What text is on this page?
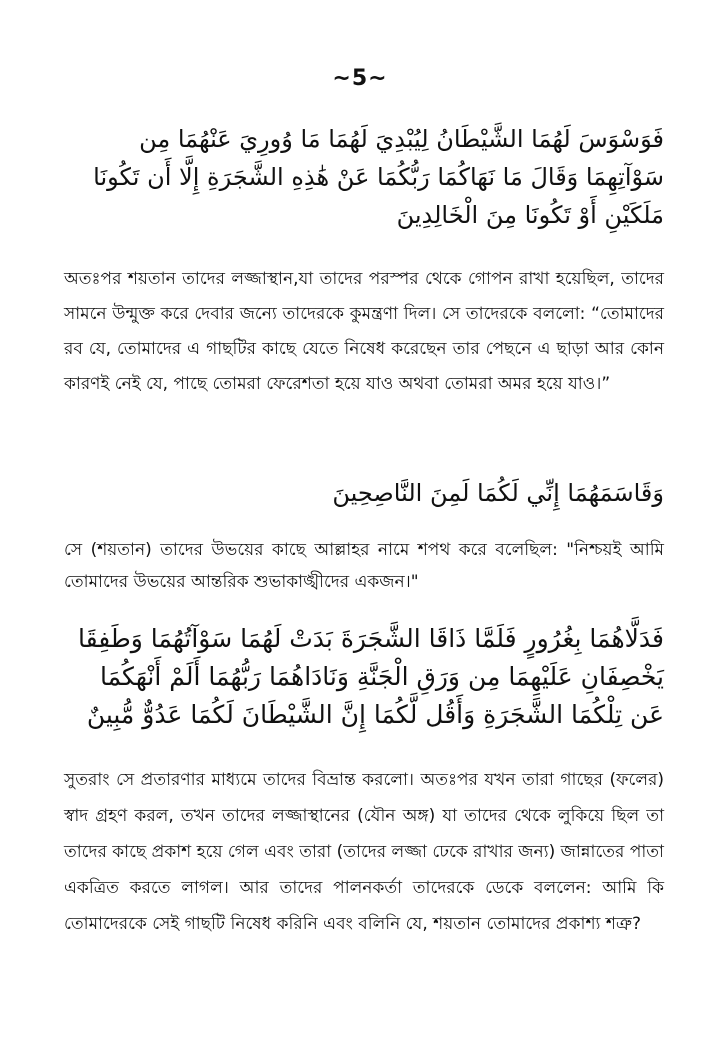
~5~
فَوَسْوَسَ لَهُمَا الشَّيْطَانُ لِيُبْدِيَ لَهُمَا مَا وُورِيَ عَنْهُمَا مِن سَوْآتِهِمَا وَقَالَ مَا نَهَاكُمَا رَبُّكُمَا عَنْ هَٰذِهِ الشَّجَرَةِ إِلَّا أَن تَكُونَا مَلَكَيْنِ أَوْ تَكُونَا مِنَ الْخَالِدِينَ
অতঃপর শয়তান তাদের লজ্জাস্থান,যা তাদের পরস্পর থেকে গোপন রাখা হয়েছিল, তাদের সামনে উন্মুক্ত করে দেবার জন্যে তাদেরকে কুমন্ত্রণা দিল। সে তাদেরকে বললো: “তোমাদের রব যে, তোমাদের এ গাছটির কাছে যেতে নিষেধ করেছেন তার পেছনে এ ছাড়া আর কোন কারণই নেই যে, পাছে তোমরা ফেরেশতা হয়ে যাও অথবা তোমরা অমর হয়ে যাও।”
وَقَاسَمَهُمَا إِنِّي لَكُمَا لَمِنَ النَّاصِحِينَ
সে (শয়তান) তাদের উভয়ের কাছে আল্লাহর নামে শপথ করে বলেছিল: "নিশ্চয়ই আমি তোমাদের উভয়ের আন্তরিক শুভাকাঙ্খীদের একজন।"
فَدَلَّاهُمَا بِغُرُورٍ فَلَمَّا ذَاقَا الشَّجَرَةَ بَدَتْ لَهُمَا سَوْآتُهُمَا وَطَفِقَا يَخْصِفَانِ عَلَيْهِمَا مِن وَرَقِ الْجَنَّةِ وَنَادَاهُمَا رَبُّهُمَا أَلَمْ أَنْهَكُمَا عَن تِلْكُمَا الشَّجَرَةِ وَأَقُل لَّكُمَا إِنَّ الشَّيْطَانَ لَكُمَا عَدُوٌّ مُّبِينٌ
সুতরাং সে প্রতারণার মাধ্যমে তাদের বিভ্রান্ত করলো। অতঃপর যখন তারা গাছের (ফলের) স্বাদ গ্রহণ করল, তখন তাদের লজ্জাস্থানের (যৌন অঙ্গ) যা তাদের থেকে লুকিয়ে ছিল তা তাদের কাছে প্রকাশ হয়ে গেল এবং তারা (তাদের লজ্জা ঢেকে রাখার জন্য) জান্নাতের পাতা একত্রিত করতে লাগল। আর তাদের পালনকর্তা তাদেরকে ডেকে বললেন: আমি কি তোমাদেরকে সেই গাছটি নিষেধ করিনি এবং বলিনি যে, শয়তান তোমাদের প্রকাশ্য শত্রু?
